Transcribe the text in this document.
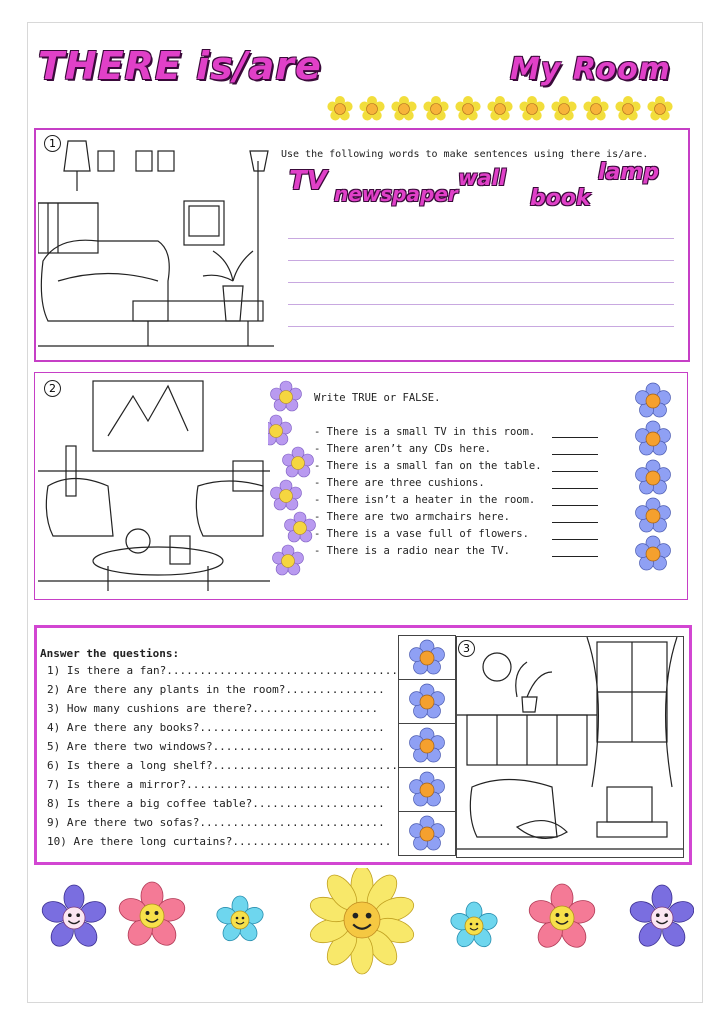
THERE is/are	My Room
1
Use the following words to make sentences using there is/are.
TV newspaper
wall
book
lamp
2
Write TRUE or FALSE.
- There is a small TV in this room.
- There aren’t any CDs here.
- There is a small fan on the table.
- There are three cushions.
- There isn’t a heater in the room.
- There are two armchairs here.
- There is a vase full of flowers.
- There is a radio near the TV.
Answer the questions:
1) Is there a fan?...................................
2) Are there any plants in the room?...............
3) How many cushions are there?...................
4) Are there any books?............................
5) Are there two windows?..........................
6) Is there a long shelf?............................
7) Is there a mirror?...............................
8) Is there a big coffee table?....................
9) Are there two sofas?............................
10) Are there long curtains?........................
3
